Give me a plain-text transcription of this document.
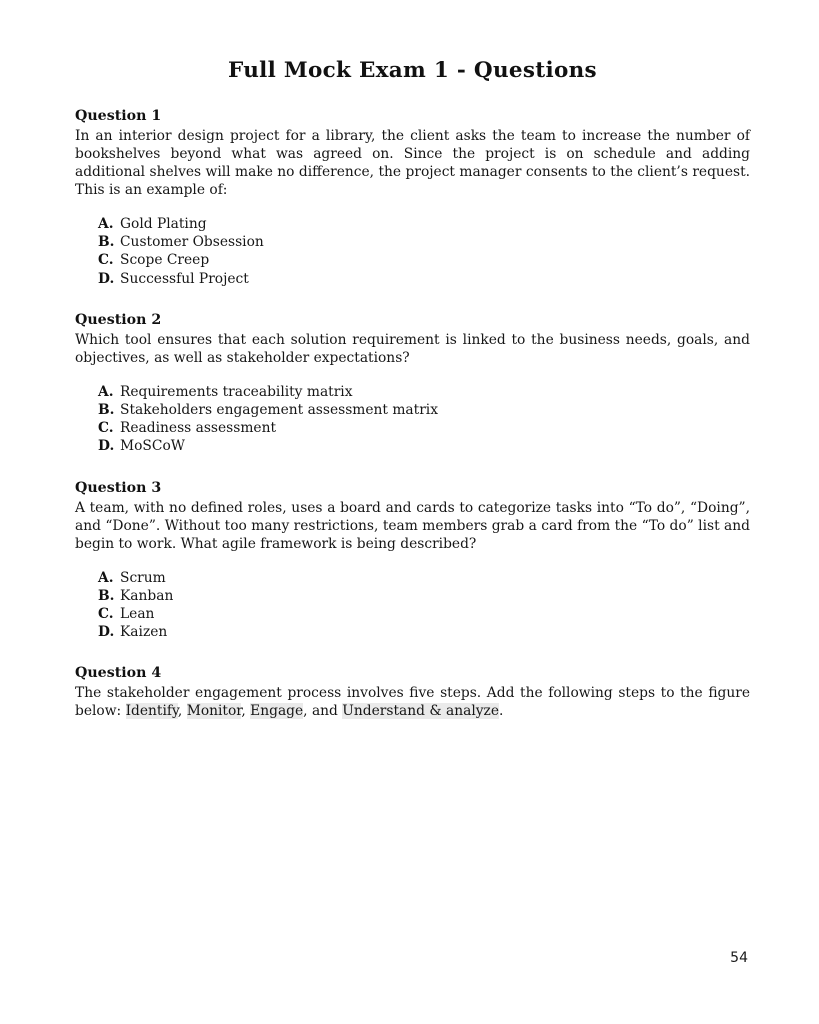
Full Mock Exam 1 - Questions
Question 1

In an interior design project for a library, the client asks the team to increase the number of bookshelves beyond what was agreed on. Since the project is on schedule and adding additional shelves will make no difference, the project manager consents to the client’s request. This is an example of:

A. Gold Plating
B. Customer Obsession
C. Scope Creep
D. Successful Project
Question 2

Which tool ensures that each solution requirement is linked to the business needs, goals, and objectives, as well as stakeholder expectations?

A. Requirements traceability matrix
B. Stakeholders engagement assessment matrix
C. Readiness assessment
D. MoSCoW
Question 3

A team, with no defined roles, uses a board and cards to categorize tasks into “To do”, “Doing”, and “Done”. Without too many restrictions, team members grab a card from the “To do” list and begin to work. What agile framework is being described?

A. Scrum
B. Kanban
C. Lean
D. Kaizen
Question 4

The stakeholder engagement process involves five steps. Add the following steps to the figure below: Identify, Monitor, Engage, and Understand & analyze.

54
